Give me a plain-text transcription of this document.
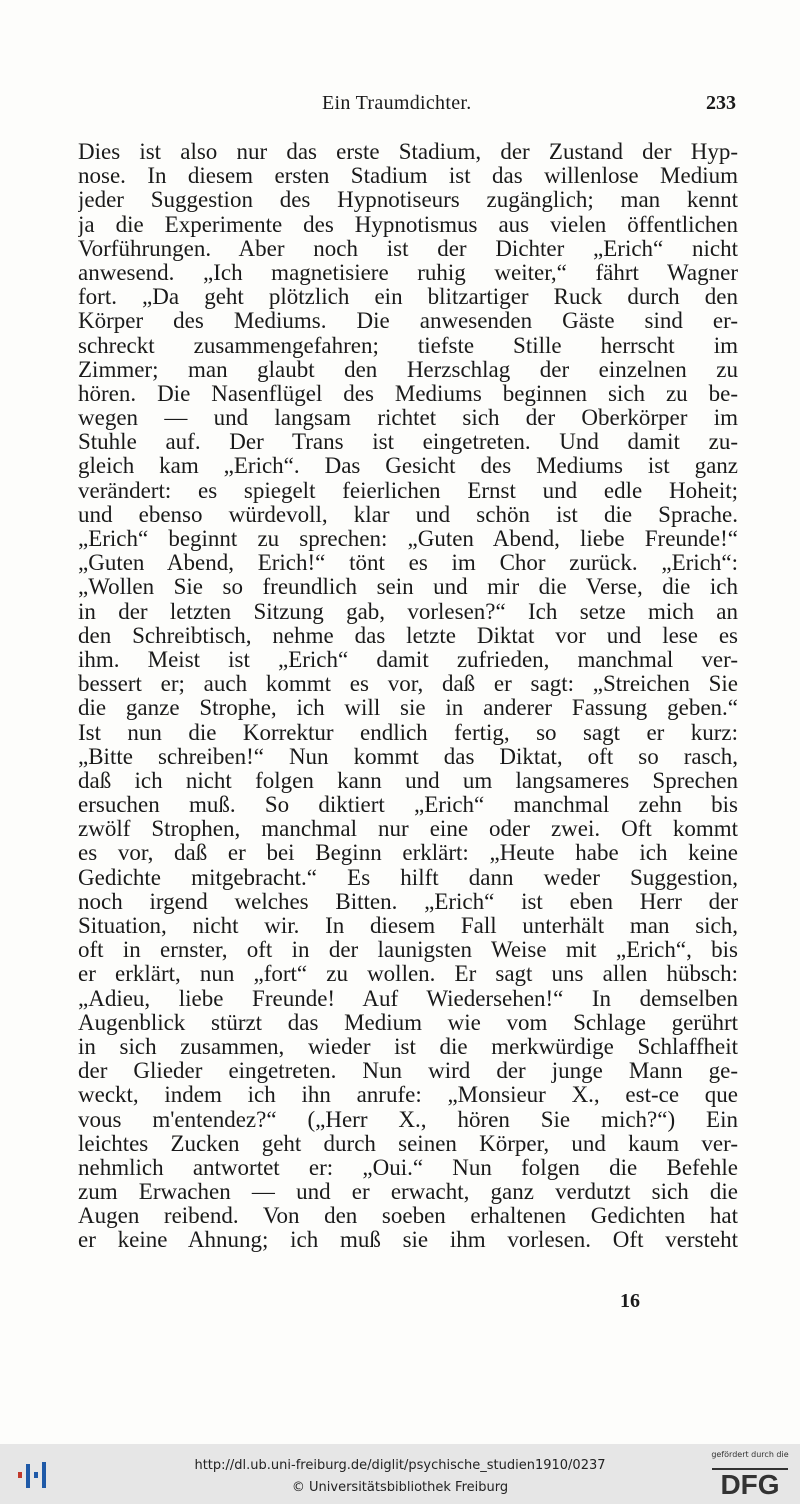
Ein Traumdichter.	233
Dies ist also nur das erste Stadium, der Zustand der Hyp-
nose. In diesem ersten Stadium ist das willenlose Medium
jeder Suggestion des Hypnotiseurs zugänglich; man kennt
ja die Experimente des Hypnotismus aus vielen öffentlichen
Vorführungen. Aber noch ist der Dichter „Erich“ nicht
anwesend. „Ich magnetisiere ruhig weiter,“ fährt Wagner
fort. „Da geht plötzlich ein blitzartiger Ruck durch den
Körper des Mediums. Die anwesenden Gäste sind er-
schreckt zusammengefahren; tiefste Stille herrscht im
Zimmer; man glaubt den Herzschlag der einzelnen zu
hören. Die Nasenflügel des Mediums beginnen sich zu be-
wegen — und langsam richtet sich der Oberkörper im
Stuhle auf. Der Trans ist eingetreten. Und damit zu-
gleich kam „Erich“. Das Gesicht des Mediums ist ganz
verändert: es spiegelt feierlichen Ernst und edle Hoheit;
und ebenso würdevoll, klar und schön ist die Sprache.
„Erich“ beginnt zu sprechen: „Guten Abend, liebe Freunde!“
„Guten Abend, Erich!“ tönt es im Chor zurück. „Erich“:
„Wollen Sie so freundlich sein und mir die Verse, die ich
in der letzten Sitzung gab, vorlesen?“ Ich setze mich an
den Schreibtisch, nehme das letzte Diktat vor und lese es
ihm. Meist ist „Erich“ damit zufrieden, manchmal ver-
bessert er; auch kommt es vor, daß er sagt: „Streichen Sie
die ganze Strophe, ich will sie in anderer Fassung geben.“
Ist nun die Korrektur endlich fertig, so sagt er kurz:
„Bitte schreiben!“ Nun kommt das Diktat, oft so rasch,
daß ich nicht folgen kann und um langsameres Sprechen
ersuchen muß. So diktiert „Erich“ manchmal zehn bis
zwölf Strophen, manchmal nur eine oder zwei. Oft kommt
es vor, daß er bei Beginn erklärt: „Heute habe ich keine
Gedichte mitgebracht.“ Es hilft dann weder Suggestion,
noch irgend welches Bitten. „Erich“ ist eben Herr der
Situation, nicht wir. In diesem Fall unterhält man sich,
oft in ernster, oft in der launigsten Weise mit „Erich“, bis
er erklärt, nun „fort“ zu wollen. Er sagt uns allen hübsch:
„Adieu, liebe Freunde! Auf Wiedersehen!“ In demselben
Augenblick stürzt das Medium wie vom Schlage gerührt
in sich zusammen, wieder ist die merkwürdige Schlaffheit
der Glieder eingetreten. Nun wird der junge Mann ge-
weckt, indem ich ihn anrufe: „Monsieur X., est-ce que
vous m'entendez?“ („Herr X., hören Sie mich?“) Ein
leichtes Zucken geht durch seinen Körper, und kaum ver-
nehmlich antwortet er: „Oui.“ Nun folgen die Befehle
zum Erwachen — und er erwacht, ganz verdutzt sich die
Augen reibend. Von den soeben erhaltenen Gedichten hat
er keine Ahnung; ich muß sie ihm vorlesen. Oft versteht
16
http://dl.ub.uni-freiburg.de/diglit/psychische_studien1910/0237
© Universitätsbibliothek Freiburg
gefördert durch die
DFG
